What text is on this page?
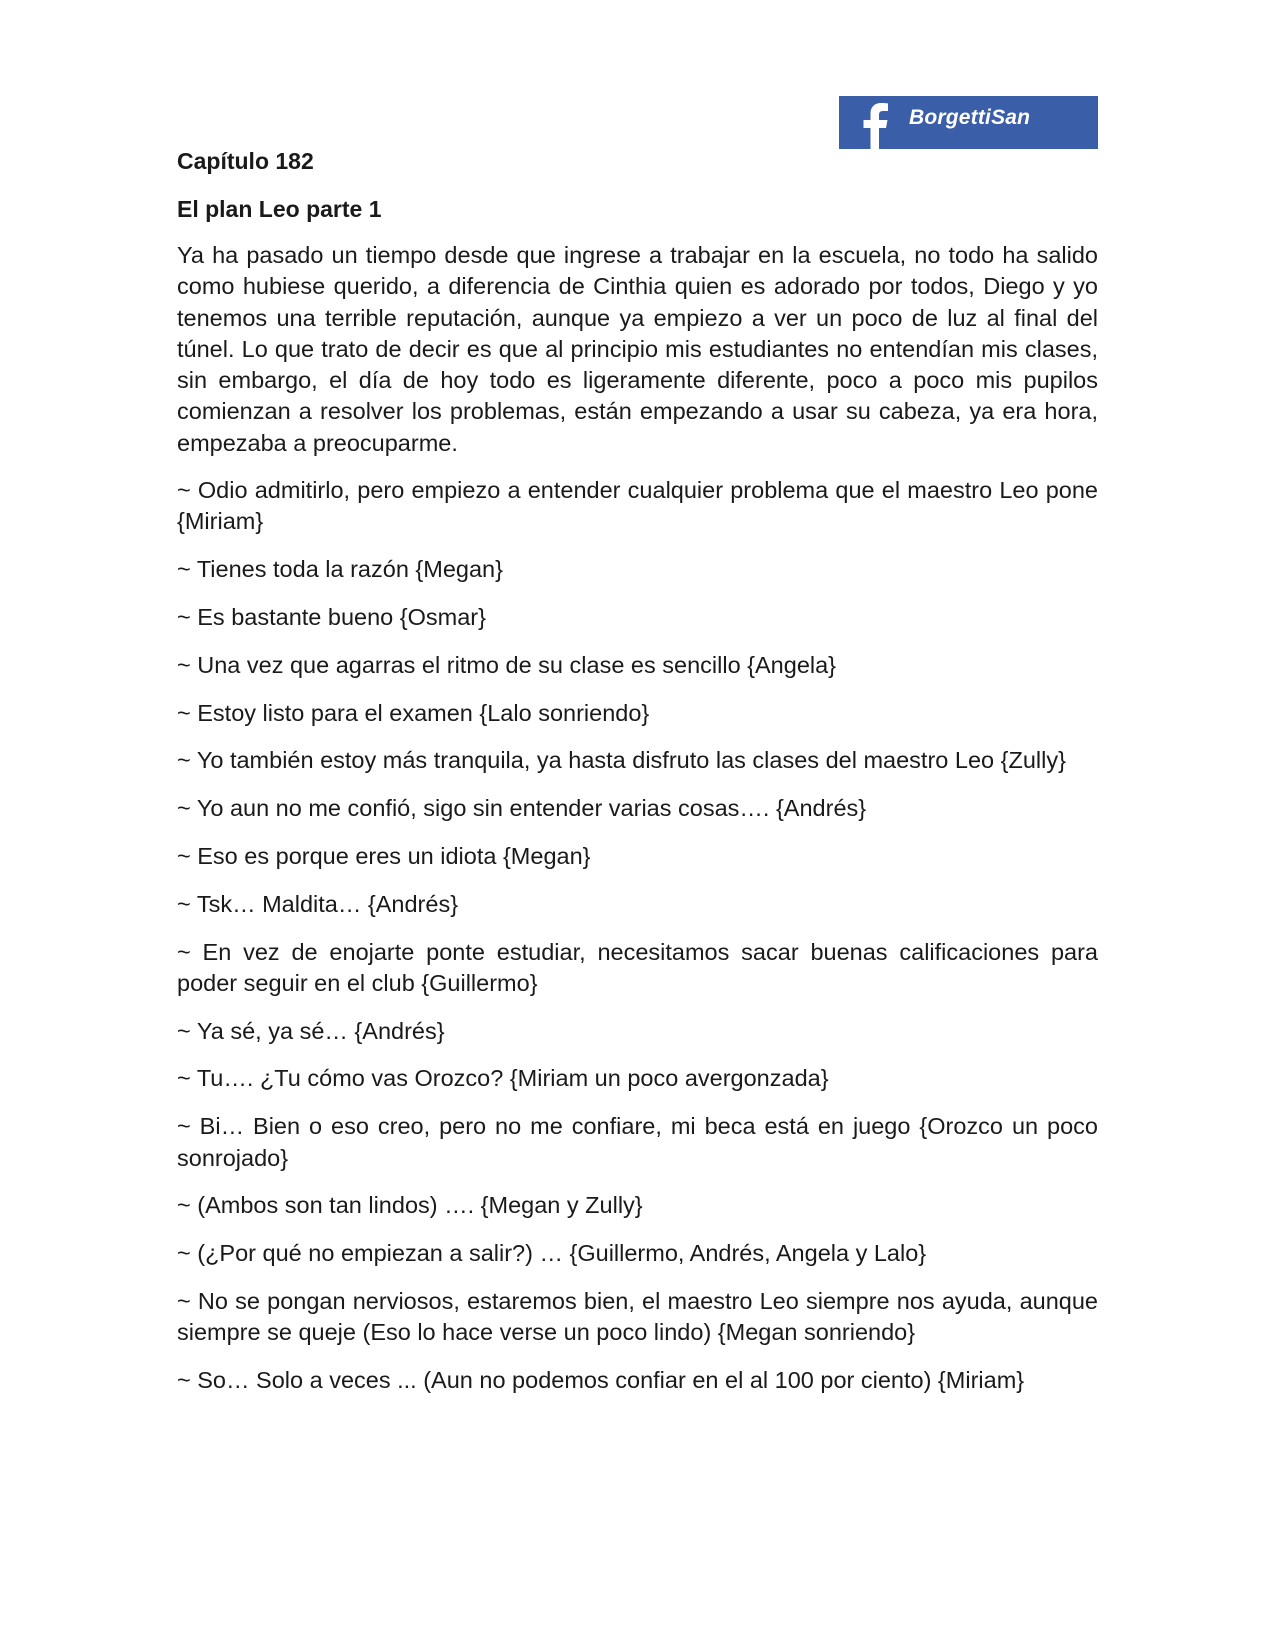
BorgettiSan
Capítulo 182
El plan Leo parte 1

Ya ha pasado un tiempo desde que ingrese a trabajar en la escuela, no todo ha salido como hubiese querido, a diferencia de Cinthia quien es adorado por todos, Diego y yo tenemos una terrible reputación, aunque ya empiezo a ver un poco de luz al final del túnel. Lo que trato de decir es que al principio mis estudiantes no entendían mis clases, sin embargo, el día de hoy todo es ligeramente diferente, poco a poco mis pupilos comienzan a resolver los problemas, están empezando a usar su cabeza, ya era hora, empezaba a preocuparme.

~ Odio admitirlo, pero empiezo a entender cualquier problema que el maestro Leo pone {Miriam}

~ Tienes toda la razón {Megan}

~ Es bastante bueno {Osmar}

~ Una vez que agarras el ritmo de su clase es sencillo {Angela}

~ Estoy listo para el examen {Lalo sonriendo}

~ Yo también estoy más tranquila, ya hasta disfruto las clases del maestro Leo {Zully}

~ Yo aun no me confió, sigo sin entender varias cosas…. {Andrés}

~ Eso es porque eres un idiota {Megan}

~ Tsk… Maldita… {Andrés}

~ En vez de enojarte ponte estudiar, necesitamos sacar buenas calificaciones para poder seguir en el club {Guillermo}

~ Ya sé, ya sé… {Andrés}

~ Tu…. ¿Tu cómo vas Orozco? {Miriam un poco avergonzada}

~ Bi… Bien o eso creo, pero no me confiare, mi beca está en juego {Orozco un poco sonrojado}

~ (Ambos son tan lindos) …. {Megan y Zully}

~ (¿Por qué no empiezan a salir?) … {Guillermo, Andrés, Angela y Lalo}

~ No se pongan nerviosos, estaremos bien, el maestro Leo siempre nos ayuda, aunque siempre se queje (Eso lo hace verse un poco lindo) {Megan sonriendo}

~ So… Solo a veces ... (Aun no podemos confiar en el al 100 por ciento) {Miriam}
